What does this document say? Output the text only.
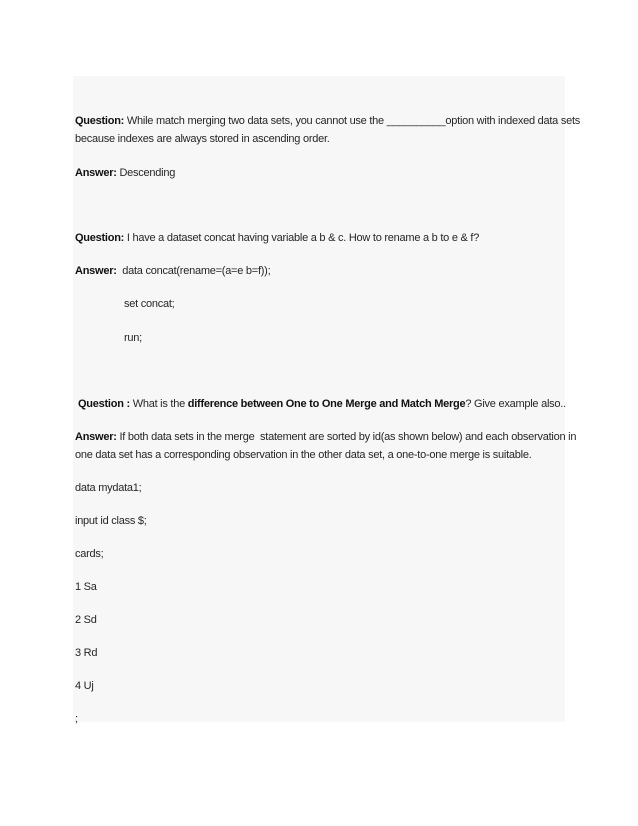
Question: While match merging two data sets, you cannot use the __________option with indexed data sets
because indexes are always stored in ascending order.
Answer: Descending
Question: I have a dataset concat having variable a b & c. How to rename a b to e & f?
Answer:  data concat(rename=(a=e b=f));
set concat;
run;
Question : What is the difference between One to One Merge and Match Merge? Give example also..
Answer: If both data sets in the merge  statement are sorted by id(as shown below) and each observation in
one data set has a corresponding observation in the other data set, a one-to-one merge is suitable.
data mydata1;
input id class $;
cards;
1 Sa
2 Sd
3 Rd
4 Uj
;
